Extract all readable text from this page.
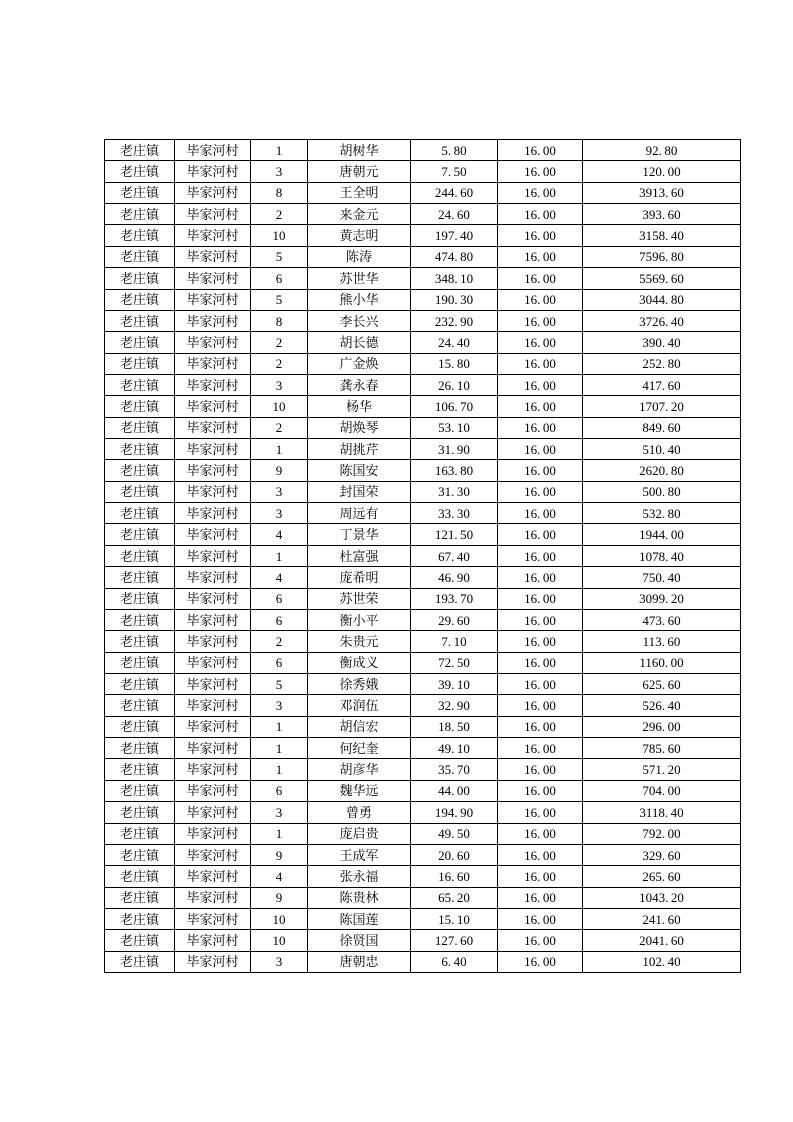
老庄镇	毕家河村	1	胡树华	5. 80	16. 00	92. 80
老庄镇	毕家河村	3	唐朝元	7. 50	16. 00	120. 00
老庄镇	毕家河村	8	王全明	244. 60	16. 00	3913. 60
老庄镇	毕家河村	2	来金元	24. 60	16. 00	393. 60
老庄镇	毕家河村	10	黄志明	197. 40	16. 00	3158. 40
老庄镇	毕家河村	5	陈涛	474. 80	16. 00	7596. 80
老庄镇	毕家河村	6	苏世华	348. 10	16. 00	5569. 60
老庄镇	毕家河村	5	熊小华	190. 30	16. 00	3044. 80
老庄镇	毕家河村	8	李长兴	232. 90	16. 00	3726. 40
老庄镇	毕家河村	2	胡长德	24. 40	16. 00	390. 40
老庄镇	毕家河村	2	广金焕	15. 80	16. 00	252. 80
老庄镇	毕家河村	3	龚永春	26. 10	16. 00	417. 60
老庄镇	毕家河村	10	杨华	106. 70	16. 00	1707. 20
老庄镇	毕家河村	2	胡焕琴	53. 10	16. 00	849. 60
老庄镇	毕家河村	1	胡挑芹	31. 90	16. 00	510. 40
老庄镇	毕家河村	9	陈国安	163. 80	16. 00	2620. 80
老庄镇	毕家河村	3	封国荣	31. 30	16. 00	500. 80
老庄镇	毕家河村	3	周远有	33. 30	16. 00	532. 80
老庄镇	毕家河村	4	丁景华	121. 50	16. 00	1944. 00
老庄镇	毕家河村	1	杜富强	67. 40	16. 00	1078. 40
老庄镇	毕家河村	4	庞希明	46. 90	16. 00	750. 40
老庄镇	毕家河村	6	苏世荣	193. 70	16. 00	3099. 20
老庄镇	毕家河村	6	衡小平	29. 60	16. 00	473. 60
老庄镇	毕家河村	2	朱贵元	7. 10	16. 00	113. 60
老庄镇	毕家河村	6	衡成义	72. 50	16. 00	1160. 00
老庄镇	毕家河村	5	徐秀娥	39. 10	16. 00	625. 60
老庄镇	毕家河村	3	邓润伍	32. 90	16. 00	526. 40
老庄镇	毕家河村	1	胡信宏	18. 50	16. 00	296. 00
老庄镇	毕家河村	1	何纪奎	49. 10	16. 00	785. 60
老庄镇	毕家河村	1	胡彦华	35. 70	16. 00	571. 20
老庄镇	毕家河村	6	魏华远	44. 00	16. 00	704. 00
老庄镇	毕家河村	3	曾勇	194. 90	16. 00	3118. 40
老庄镇	毕家河村	1	庞启贵	49. 50	16. 00	792. 00
老庄镇	毕家河村	9	王成军	20. 60	16. 00	329. 60
老庄镇	毕家河村	4	张永福	16. 60	16. 00	265. 60
老庄镇	毕家河村	9	陈贵林	65. 20	16. 00	1043. 20
老庄镇	毕家河村	10	陈国莲	15. 10	16. 00	241. 60
老庄镇	毕家河村	10	徐贤国	127. 60	16. 00	2041. 60
老庄镇	毕家河村	3	唐朝忠	6. 40	16. 00	102. 40
